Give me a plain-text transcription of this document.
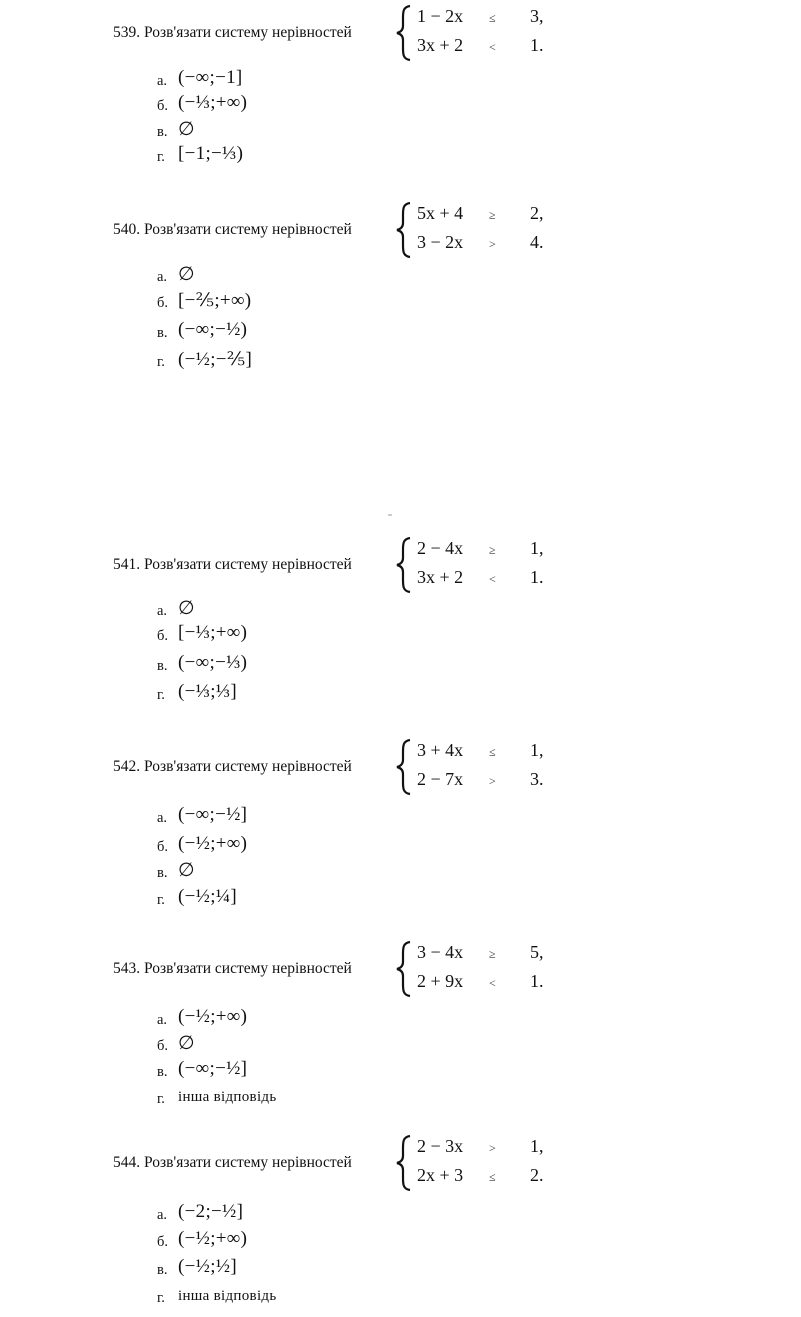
539. Розв'язати систему нерівностей
1 − 2x ≤ 3,
3x + 2 < 1.
а. (−∞;−1]
б. (−⅓;+∞)
в. ∅
г. [−1;−⅓)
540. Розв'язати систему нерівностей
5x + 4 ≥ 2,
3 − 2x > 4.
а. ∅
б. [−⅖;+∞)
в. (−∞;−½)
г. (−½;−⅖]
541. Розв'язати систему нерівностей
2 − 4x ≥ 1,
3x + 2 < 1.
а. ∅
б. [−⅓;+∞)
в. (−∞;−⅓)
г. (−⅓;⅓]
542. Розв'язати систему нерівностей
3 + 4x ≤ 1,
2 − 7x > 3.
а. (−∞;−½]
б. (−½;+∞)
в. ∅
г. (−½;¼]
543. Розв'язати систему нерівностей
3 − 4x ≥ 5,
2 + 9x < 1.
а. (−½;+∞)
б. ∅
в. (−∞;−½]
г. інша відповідь
544. Розв'язати систему нерівностей
2 − 3x > 1,
2x + 3 ≤ 2.
а. (−2;−½]
б. (−½;+∞)
в. (−½;½]
г. інша відповідь
